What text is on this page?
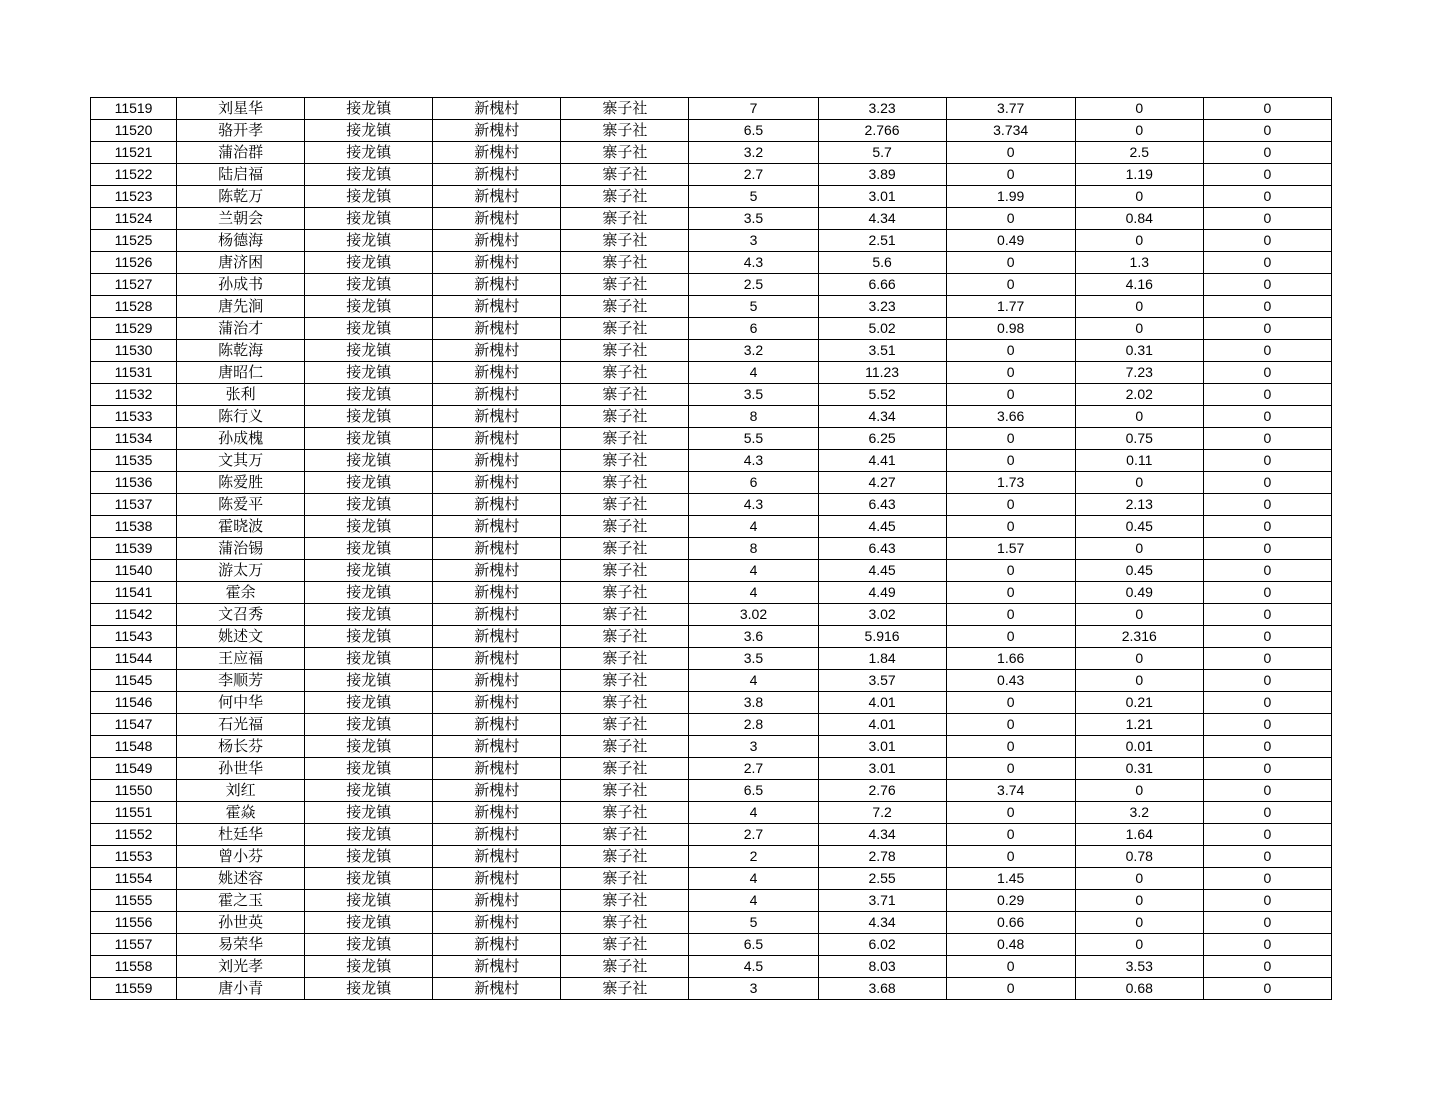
11519	刘星华	接龙镇	新槐村	寨子社	7	3.23	3.77	0	0
11520	骆开孝	接龙镇	新槐村	寨子社	6.5	2.766	3.734	0	0
11521	蒲治群	接龙镇	新槐村	寨子社	3.2	5.7	0	2.5	0
11522	陆启福	接龙镇	新槐村	寨子社	2.7	3.89	0	1.19	0
11523	陈乾万	接龙镇	新槐村	寨子社	5	3.01	1.99	0	0
11524	兰朝会	接龙镇	新槐村	寨子社	3.5	4.34	0	0.84	0
11525	杨德海	接龙镇	新槐村	寨子社	3	2.51	0.49	0	0
11526	唐济困	接龙镇	新槐村	寨子社	4.3	5.6	0	1.3	0
11527	孙成书	接龙镇	新槐村	寨子社	2.5	6.66	0	4.16	0
11528	唐先涧	接龙镇	新槐村	寨子社	5	3.23	1.77	0	0
11529	蒲治才	接龙镇	新槐村	寨子社	6	5.02	0.98	0	0
11530	陈乾海	接龙镇	新槐村	寨子社	3.2	3.51	0	0.31	0
11531	唐昭仁	接龙镇	新槐村	寨子社	4	11.23	0	7.23	0
11532	张利	接龙镇	新槐村	寨子社	3.5	5.52	0	2.02	0
11533	陈行义	接龙镇	新槐村	寨子社	8	4.34	3.66	0	0
11534	孙成槐	接龙镇	新槐村	寨子社	5.5	6.25	0	0.75	0
11535	文其万	接龙镇	新槐村	寨子社	4.3	4.41	0	0.11	0
11536	陈爱胜	接龙镇	新槐村	寨子社	6	4.27	1.73	0	0
11537	陈爱平	接龙镇	新槐村	寨子社	4.3	6.43	0	2.13	0
11538	霍晓波	接龙镇	新槐村	寨子社	4	4.45	0	0.45	0
11539	蒲治锡	接龙镇	新槐村	寨子社	8	6.43	1.57	0	0
11540	游太万	接龙镇	新槐村	寨子社	4	4.45	0	0.45	0
11541	霍余	接龙镇	新槐村	寨子社	4	4.49	0	0.49	0
11542	文召秀	接龙镇	新槐村	寨子社	3.02	3.02	0	0	0
11543	姚述文	接龙镇	新槐村	寨子社	3.6	5.916	0	2.316	0
11544	王应福	接龙镇	新槐村	寨子社	3.5	1.84	1.66	0	0
11545	李顺芳	接龙镇	新槐村	寨子社	4	3.57	0.43	0	0
11546	何中华	接龙镇	新槐村	寨子社	3.8	4.01	0	0.21	0
11547	石光福	接龙镇	新槐村	寨子社	2.8	4.01	0	1.21	0
11548	杨长芬	接龙镇	新槐村	寨子社	3	3.01	0	0.01	0
11549	孙世华	接龙镇	新槐村	寨子社	2.7	3.01	0	0.31	0
11550	刘红	接龙镇	新槐村	寨子社	6.5	2.76	3.74	0	0
11551	霍焱	接龙镇	新槐村	寨子社	4	7.2	0	3.2	0
11552	杜廷华	接龙镇	新槐村	寨子社	2.7	4.34	0	1.64	0
11553	曾小芬	接龙镇	新槐村	寨子社	2	2.78	0	0.78	0
11554	姚述容	接龙镇	新槐村	寨子社	4	2.55	1.45	0	0
11555	霍之玉	接龙镇	新槐村	寨子社	4	3.71	0.29	0	0
11556	孙世英	接龙镇	新槐村	寨子社	5	4.34	0.66	0	0
11557	易荣华	接龙镇	新槐村	寨子社	6.5	6.02	0.48	0	0
11558	刘光孝	接龙镇	新槐村	寨子社	4.5	8.03	0	3.53	0
11559	唐小青	接龙镇	新槐村	寨子社	3	3.68	0	0.68	0
